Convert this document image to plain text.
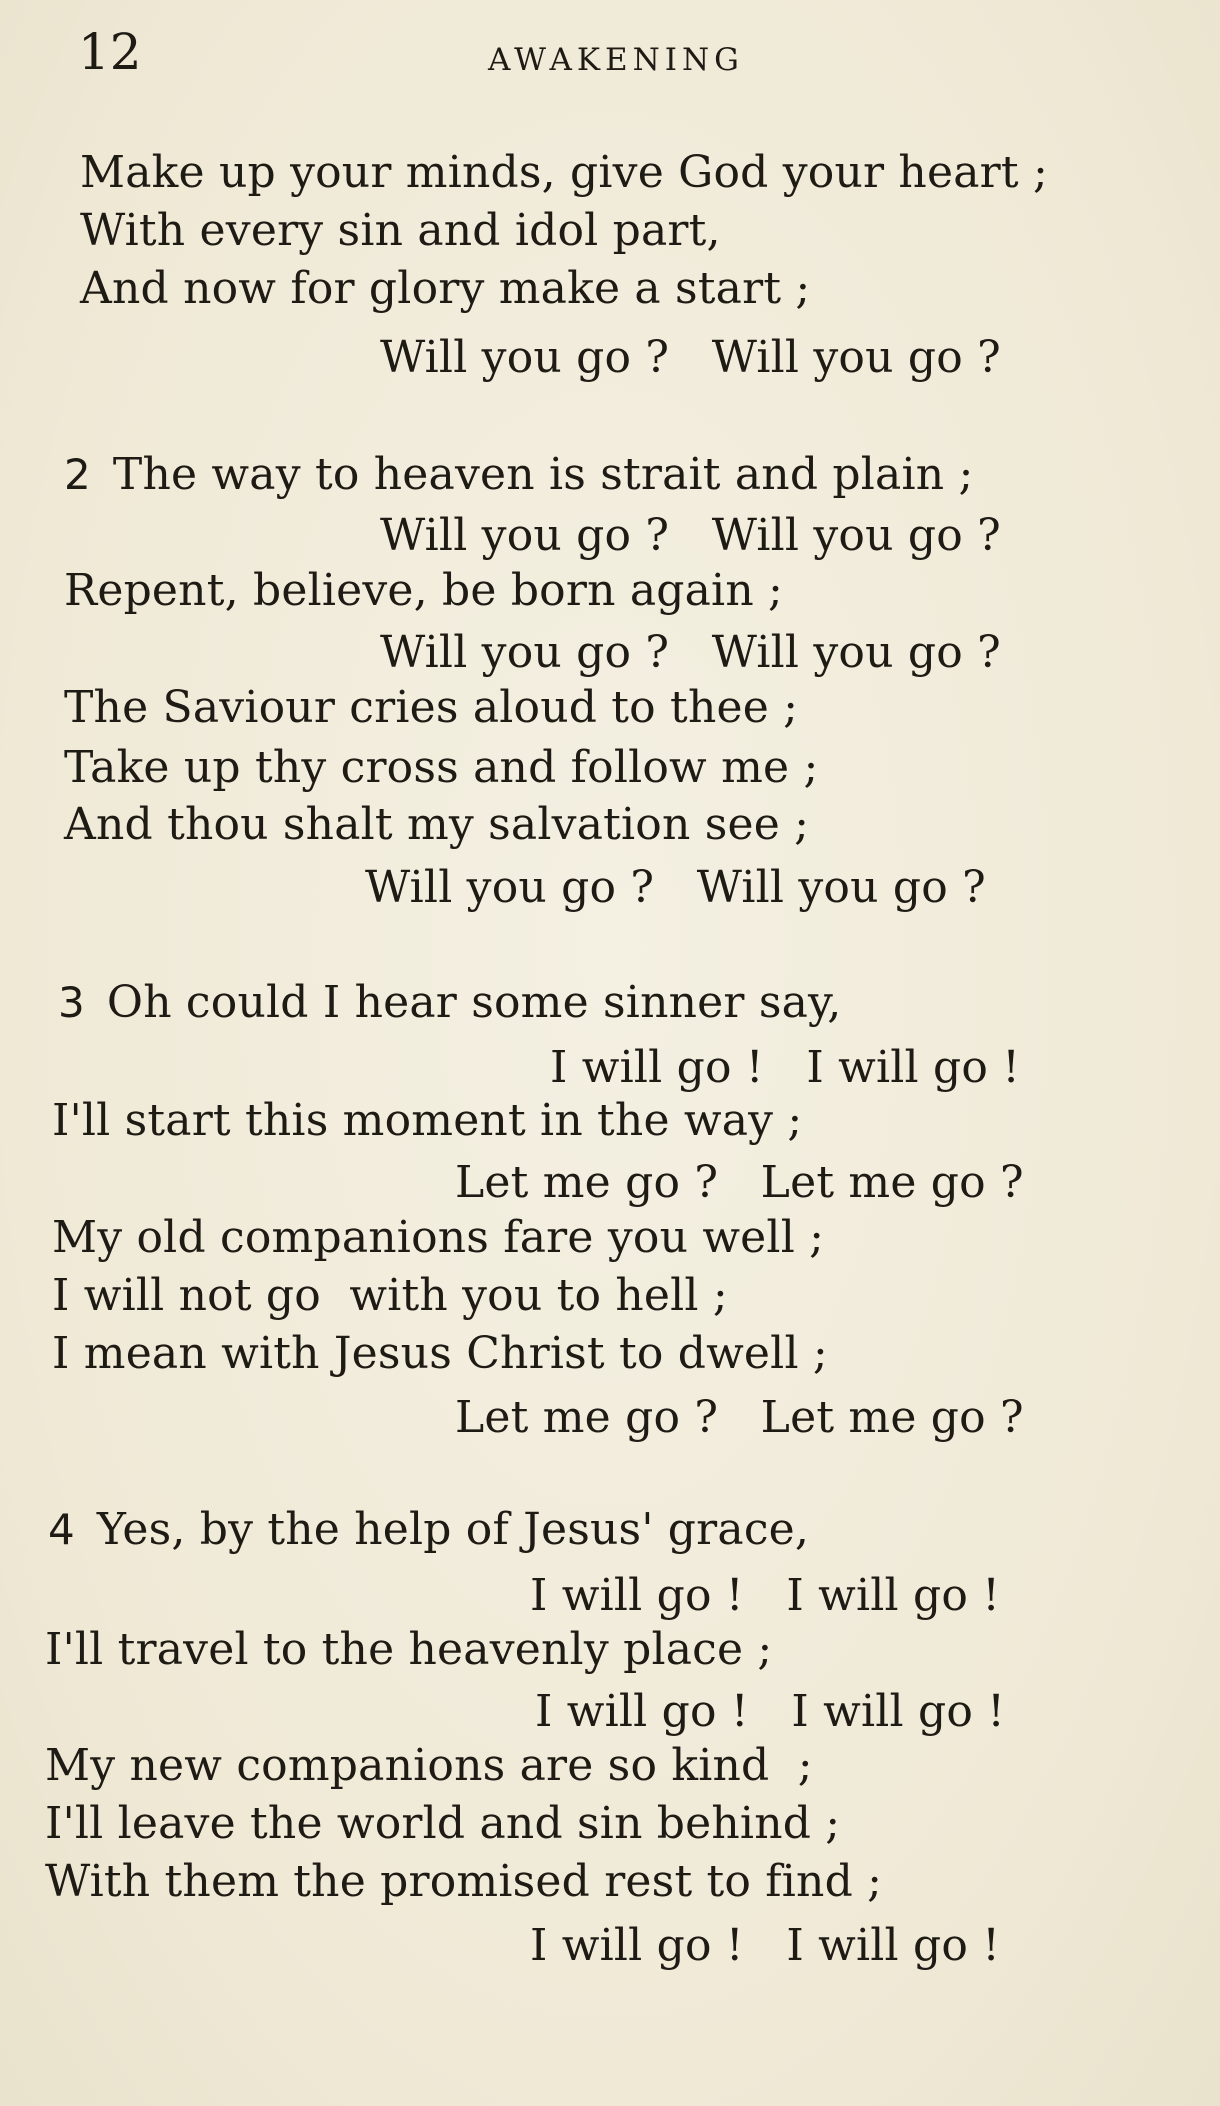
12	AWAKENING
Make up your minds, give God your heart ;
With every sin and idol part,
And now for glory make a start ;
Will you go ?   Will you go ?
2 The way to heaven is strait and plain ;
Will you go ?   Will you go ?
Repent, believe, be born again ;
Will you go ?   Will you go ?
The Saviour cries aloud to thee ;
Take up thy cross and follow me ;
And thou shalt my salvation see ;
Will you go ?   Will you go ?
3 Oh could I hear some sinner say,
I will go !   I will go !
I'll start this moment in the way ;
Let me go ?   Let me go ?
My old companions fare you well ;
I will not go  with you to hell ;
I mean with Jesus Christ to dwell ;
Let me go ?   Let me go ?
4 Yes, by the help of Jesus' grace,
I will go !   I will go !
I'll travel to the heavenly place ;
I will go !   I will go !
My new companions are so kind  ;
I'll leave the world and sin behind ;
With them the promised rest to find ;
I will go !   I will go !
